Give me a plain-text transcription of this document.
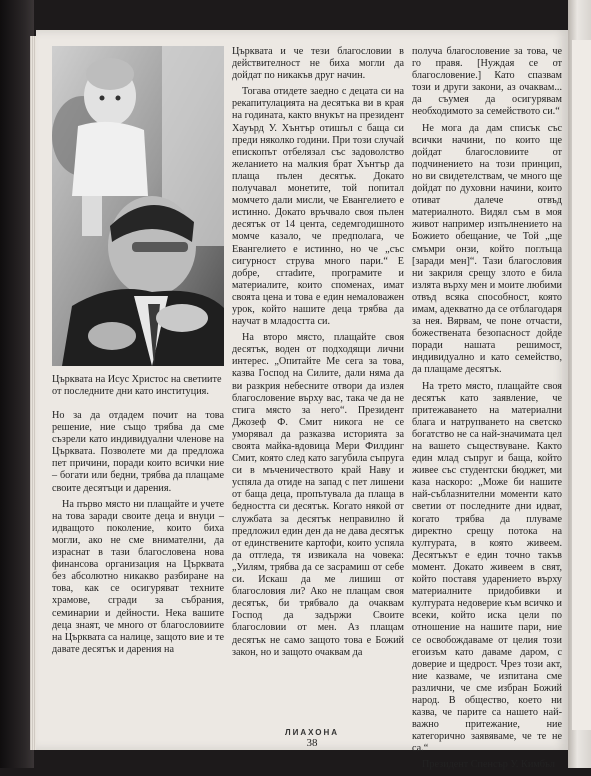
Църквата на Исус Христос на светиите от последните дни като институция.

Но за да отдадем почит на това решение, ние също трябва да сме съзрели като индивидуални членове на Църквата. Позволете ми да предложа пет причини, поради които всички ние – богати или бедни, трябва да плащаме своите десятъци и дарения.

На първо място ни плащайте и учете на това заради своите деца и внуци – идващото поколение, които биха могли, ако не сме внимателни, да израснат в тази благословена нова финансова организация на Църквата без абсолютно никакво разбиране на това, как се осигуряват техните храмове, сгради за събрания, семинарии и дейности. Нека вашите деца знаят, че много от благословиите на Църквата са налице, защото вие и те давате десятък и дарения на

Църквата и че тези благословии в действителност не биха могли да дойдат по никакъв друг начин.

Тогава отидете заедно с децата си на рекапитулацията на десятъка ви в края на годината, както внукът на президент Хауърд У. Хънтър отишъл с баща си преди няколко години. При този случай епископът отбелязал със задоволство желанието на малкия брат Хънтър да плаща пълен десятък. Докато получавал монетите, той попитал момчето дали мисли, че Евангелието е истинно. Докато връчвало своя пълен десятък от 14 цента, седемгодишното момче казало, че предполага, че Евангелието е истинно, но че „със сигурност струва много пари.“ Е добре, сгradите, програмите и материалите, които споменах, имат своята цена и това е един немаловажен урок, който нашите деца трябва да научат в младостта си.

На второ място, плащайте своя десятък, воден от подходящи лични интерес. „Опитайте Ме сега за това, казва Господ на Силите, дали няма да ви разкрия небесните отвори да излея благословение върху вас, така че да не стига място за него“. Президент Джозеф Ф. Смит никога не се уморявал да разказва историята за своята майка-вдовица Мери Филдинг Смит, която след като загубила съпруга си в мъченичеството край Наву и успяла да отиде на запад с пет лишени от баща деца, пропътувала да плаща в бедността си десятък. Когато някой от службата за десятък неправилно й предложил един ден да не дава десятък от единствените картофи, които успяла да отгледа, тя извикала на човека: „Уилям, трябва да се засрамиш от себе си. Искаш да ме лишиш от благословия ли? Ако не плащам своя десятък, би трябвало да очаквам Господ да задържи Своите благословии от мен. Аз плащам десятък не само защото това е Божий закон, но и защото очаквам да

получа благословение за това, че го правя. [Нуждая се от благословение.] Като спазвам този и други закони, аз очаквам... да съумея да осигурявам необходимото за семейството си.“

Не могa да дам списък със всички начини, по които ще дойдат благословиите от подчинението на този принцип, но ви свидетелствам, че много ще дойдат по духовни начини, които отиват далече отвъд материалното. Видял съм в моя живот например изпълнението на Божието обещание, че Той „ще смъмри онзи, който поглъща [заради мен]“. Тази благословия ни закриля срещу злото е била излята върху мен и моите любими отвъд всяка способност, която имам, адекватно да се отблагодаря за нея. Вярвам, че поне отчасти, божествената безопасност дойде поради нашата решимост, индивидуално и като семейство, да плащаме десятък.

На трето място, плащайте своя десятък като заявление, че притежаването на материални блага и натрупването на светско богатство не са най-значимата цел на вашето съществуване. Както един млад съпруг и баща, който живее със студентски бюджет, ми каза наскоро: „Може би нашите най-съблазнителни моменти като светии от последните дни идват, когато трябва да плуваме директно срещу потока на културата, в която живеем. Десятъкът е един точно такъв момент. Докато живеем в свят, който поставя ударението върху материалните придобивки и културата недоверие към всичко и всеки, който иска цели по отношение на нашите пари, ние се освобождаваме от целия този егоизъм като даваме даром, с доверие и щедрост. Чрез този акт, ние казваме, че изпитана сме различни, че сме избран Божий народ. В общество, което ни казва, че парите са нашето най-важно притежание, ние категорично заявяваме, че те не са.“

Президент Спенсър У. Кимбъл

ЛИАХОНА
38
